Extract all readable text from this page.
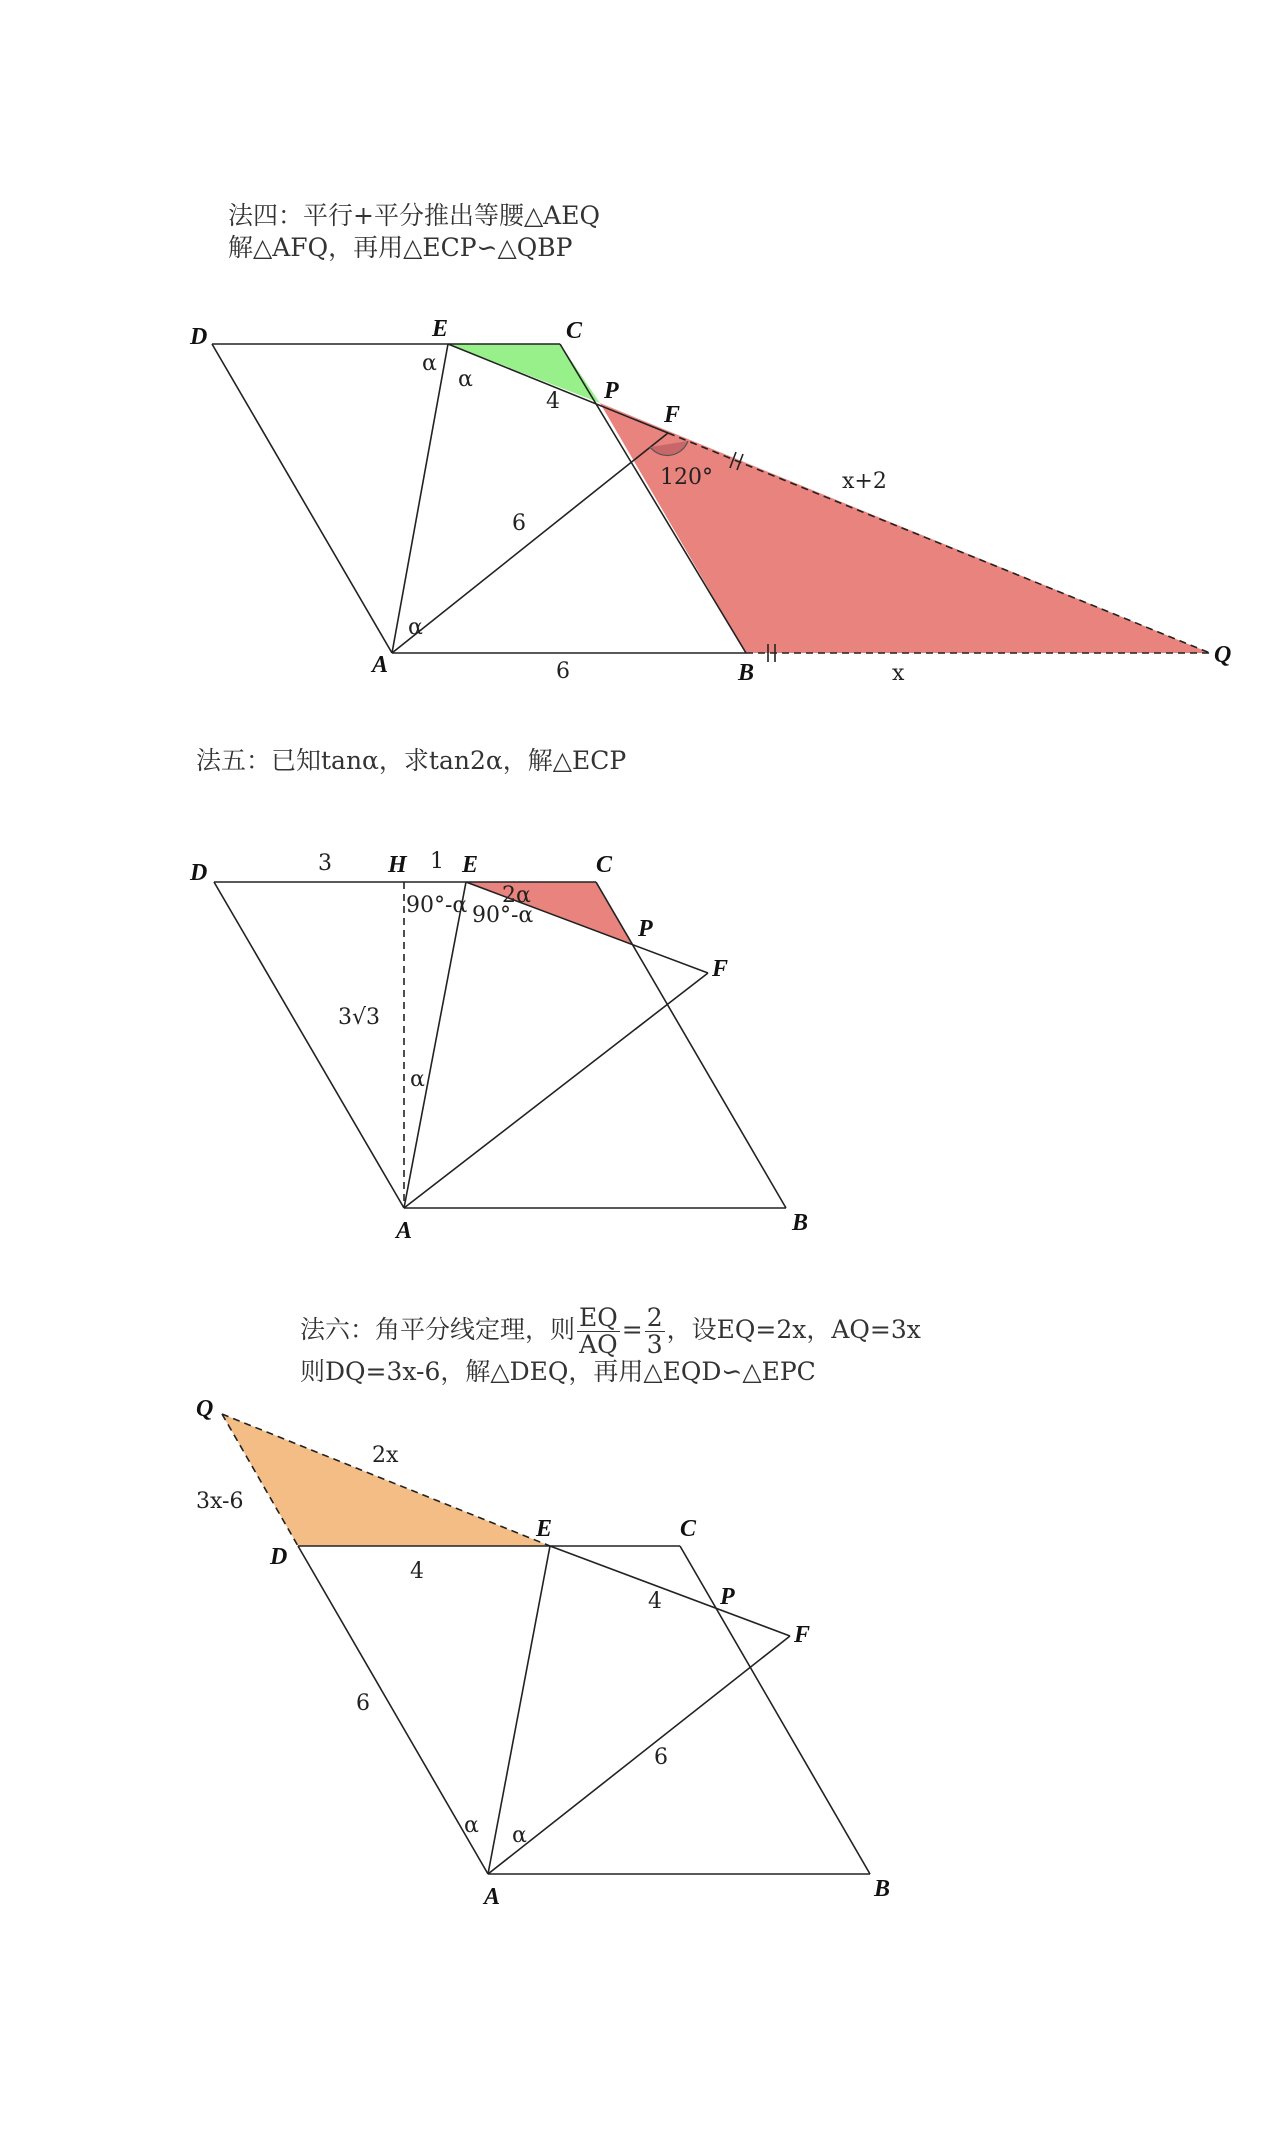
法四：平行+平分推出等腰△AEQ
解△AFQ，再用△ECP∽△QBP
法五：已知tanα，求tan2α，解△ECP
法六：角平分线定理，则 $\frac{EQ}{AQ} = \frac{2}{3}$ ，设EQ=2x，AQ=3x
则DQ=3x-6，解△DEQ，再用△EQD∽△EPC
D	E	C
P
F
A	B
Q
α
α
α
4
6
6
x+2
x
120°
D	H E	C
P
F
A	B
3	1
3√3
90°-α 90°-α
2α
α
Q
D
E	C
P
F
A	B
2x
3x-6
4
4
6
6
α α
